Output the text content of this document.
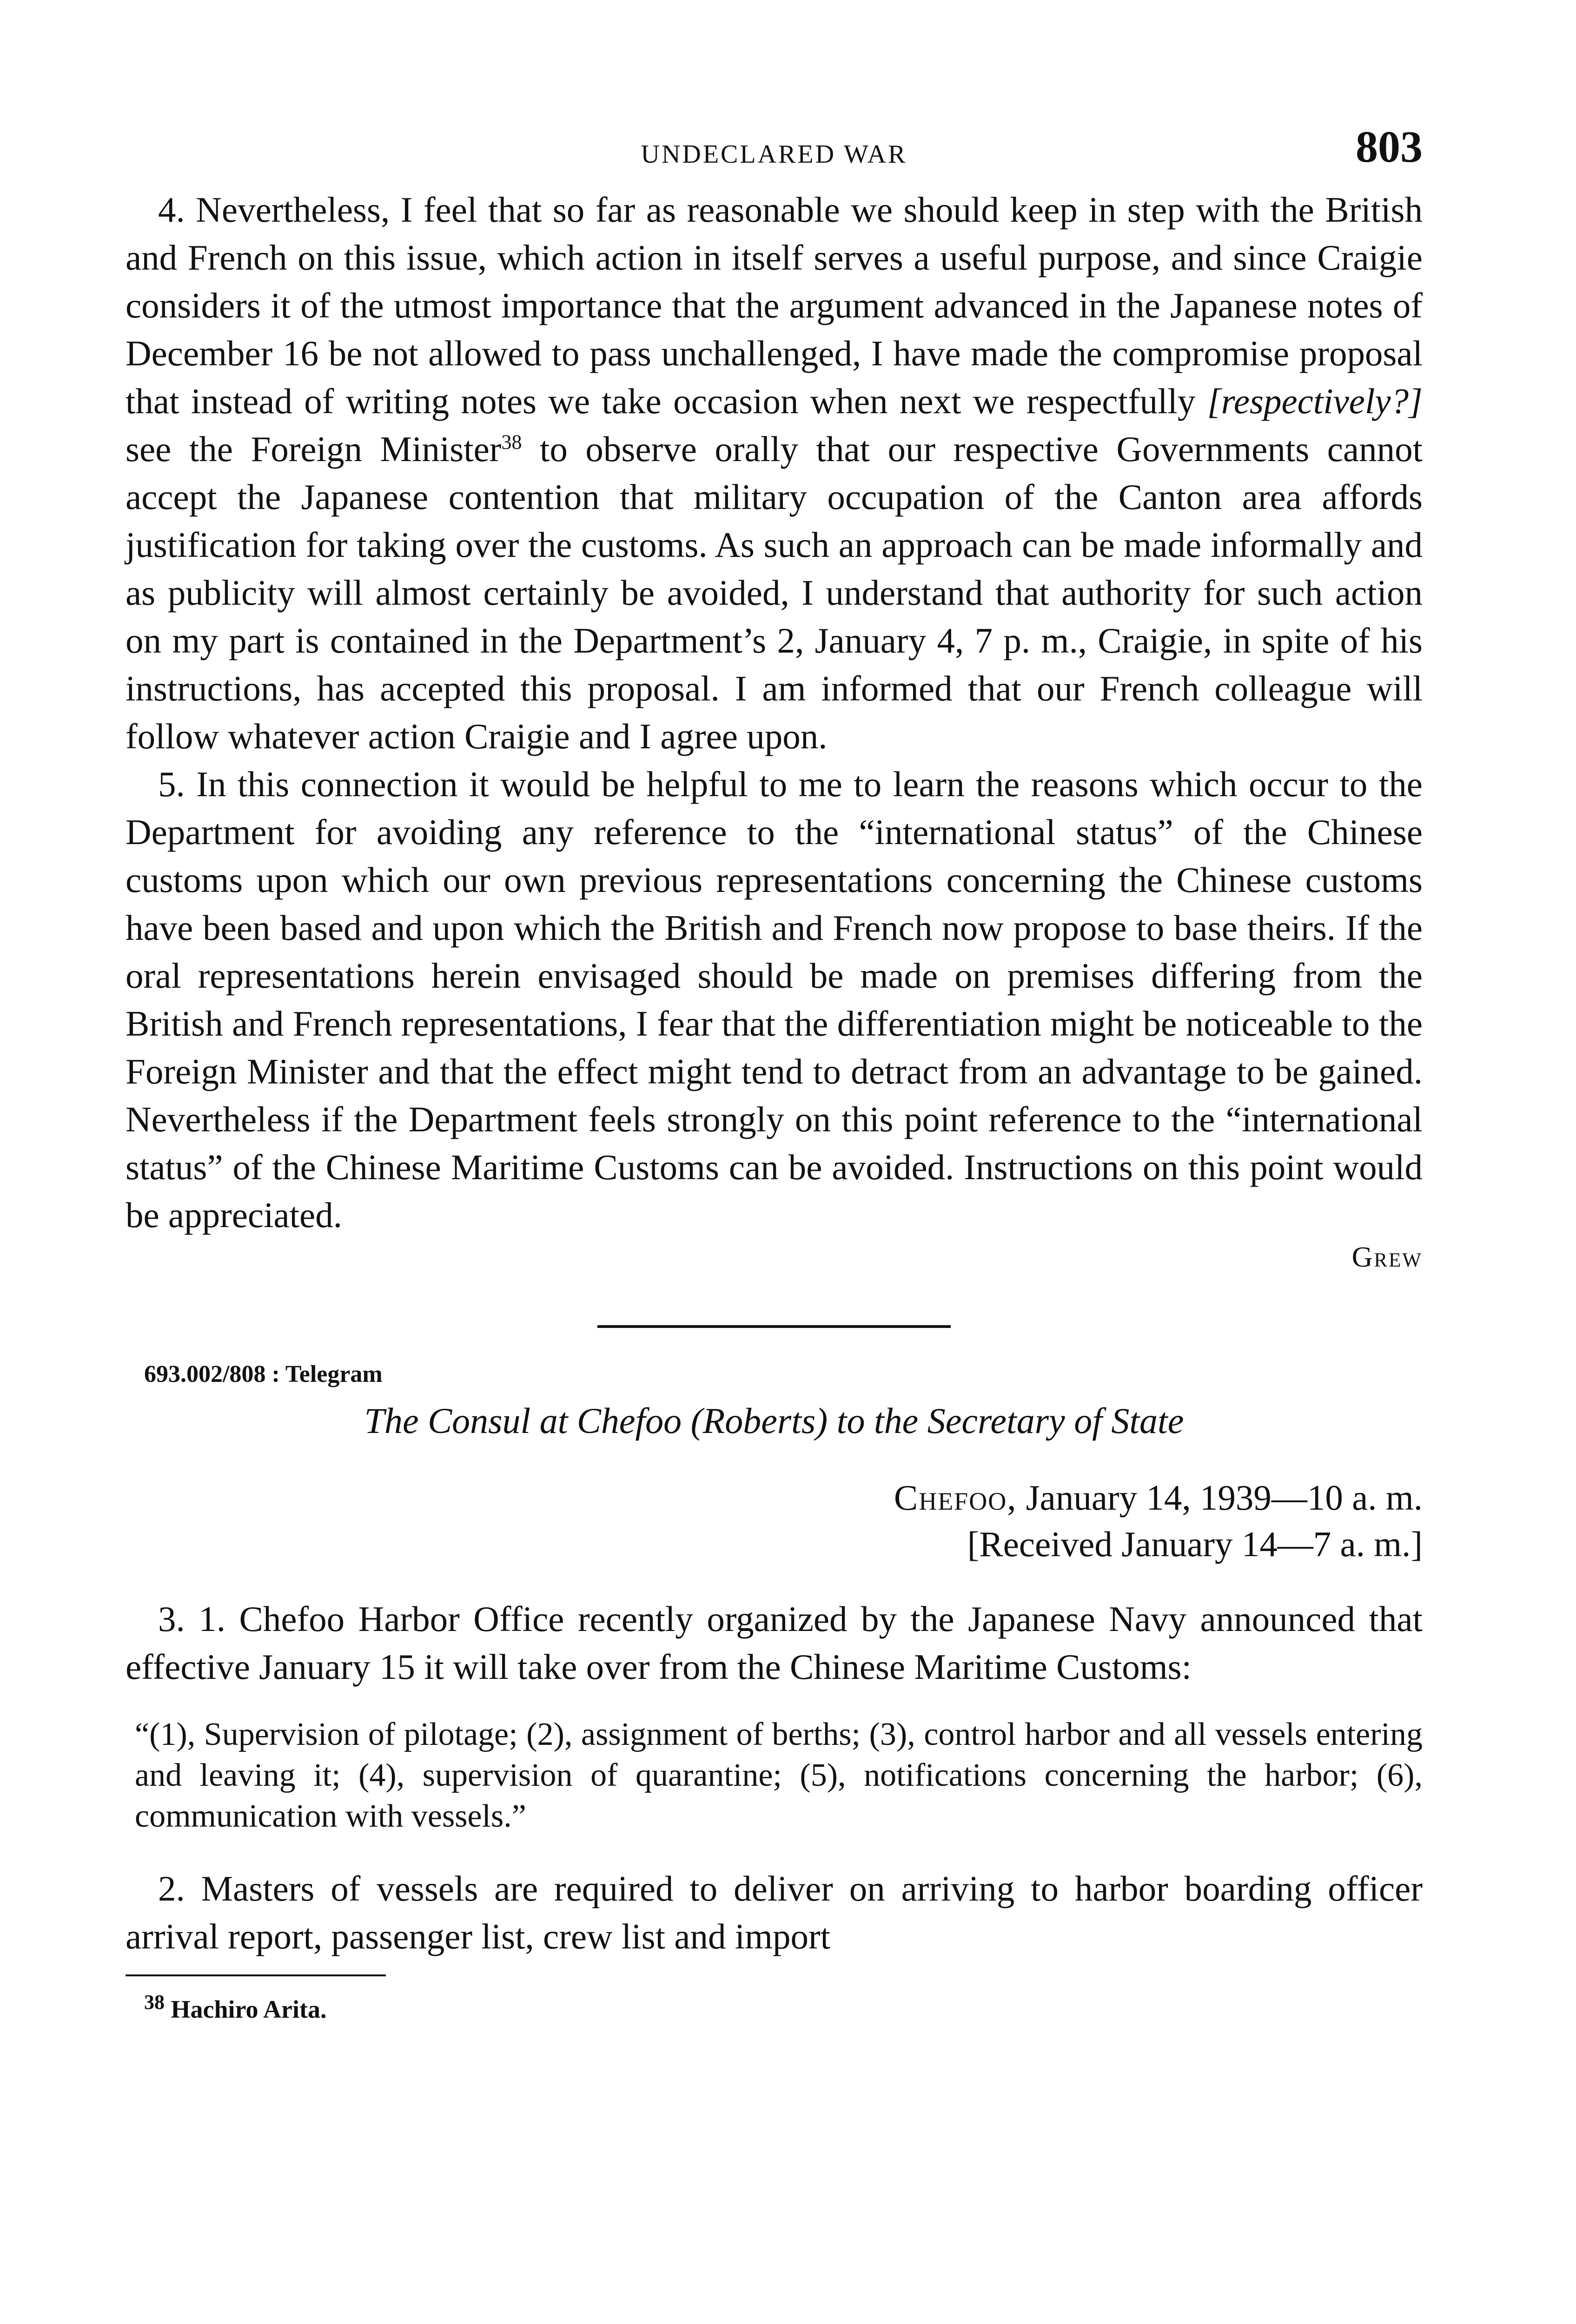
UNDECLARED WAR	803

4. Nevertheless, I feel that so far as reasonable we should keep in step with the British and French on this issue, which action in itself serves a useful purpose, and since Craigie considers it of the utmost importance that the argument advanced in the Japanese notes of December 16 be not allowed to pass unchallenged, I have made the compromise proposal that instead of writing notes we take occasion when next we respectfully [respectively?] see the Foreign Minister$^{38}$ to observe orally that our respective Governments cannot accept the Japanese contention that military occupation of the Canton area affords justification for taking over the customs. As such an approach can be made informally and as publicity will almost certainly be avoided, I understand that authority for such action on my part is contained in the Department’s 2, January 4, 7 p. m., Craigie, in spite of his instructions, has accepted this proposal. I am informed that our French colleague will follow whatever action Craigie and I agree upon.

5. In this connection it would be helpful to me to learn the reasons which occur to the Department for avoiding any reference to the “international status” of the Chinese customs upon which our own previous representations concerning the Chinese customs have been based and upon which the British and French now propose to base theirs. If the oral representations herein envisaged should be made on premises differing from the British and French representations, I fear that the differentiation might be noticeable to the Foreign Minister and that the effect might tend to detract from an advantage to be gained. Nevertheless if the Department feels strongly on this point reference to the “international status” of the Chinese Maritime Customs can be avoided. Instructions on this point would be appreciated.

Grew
693.002/808 : Telegram
The Consul at Chefoo (Roberts) to the Secretary of State
Chefoo, January 14, 1939—10 a. m.
[Received January 14—7 a. m.]

3. 1. Chefoo Harbor Office recently organized by the Japanese Navy announced that effective January 15 it will take over from the Chinese Maritime Customs:

“(1), Supervision of pilotage; (2), assignment of berths; (3), control harbor and all vessels entering and leaving it; (4), supervision of quarantine; (5), notifications concerning the harbor; (6), communication with vessels.”

2. Masters of vessels are required to deliver on arriving to harbor boarding officer arrival report, passenger list, crew list and import

$^{38}$ Hachiro Arita.
